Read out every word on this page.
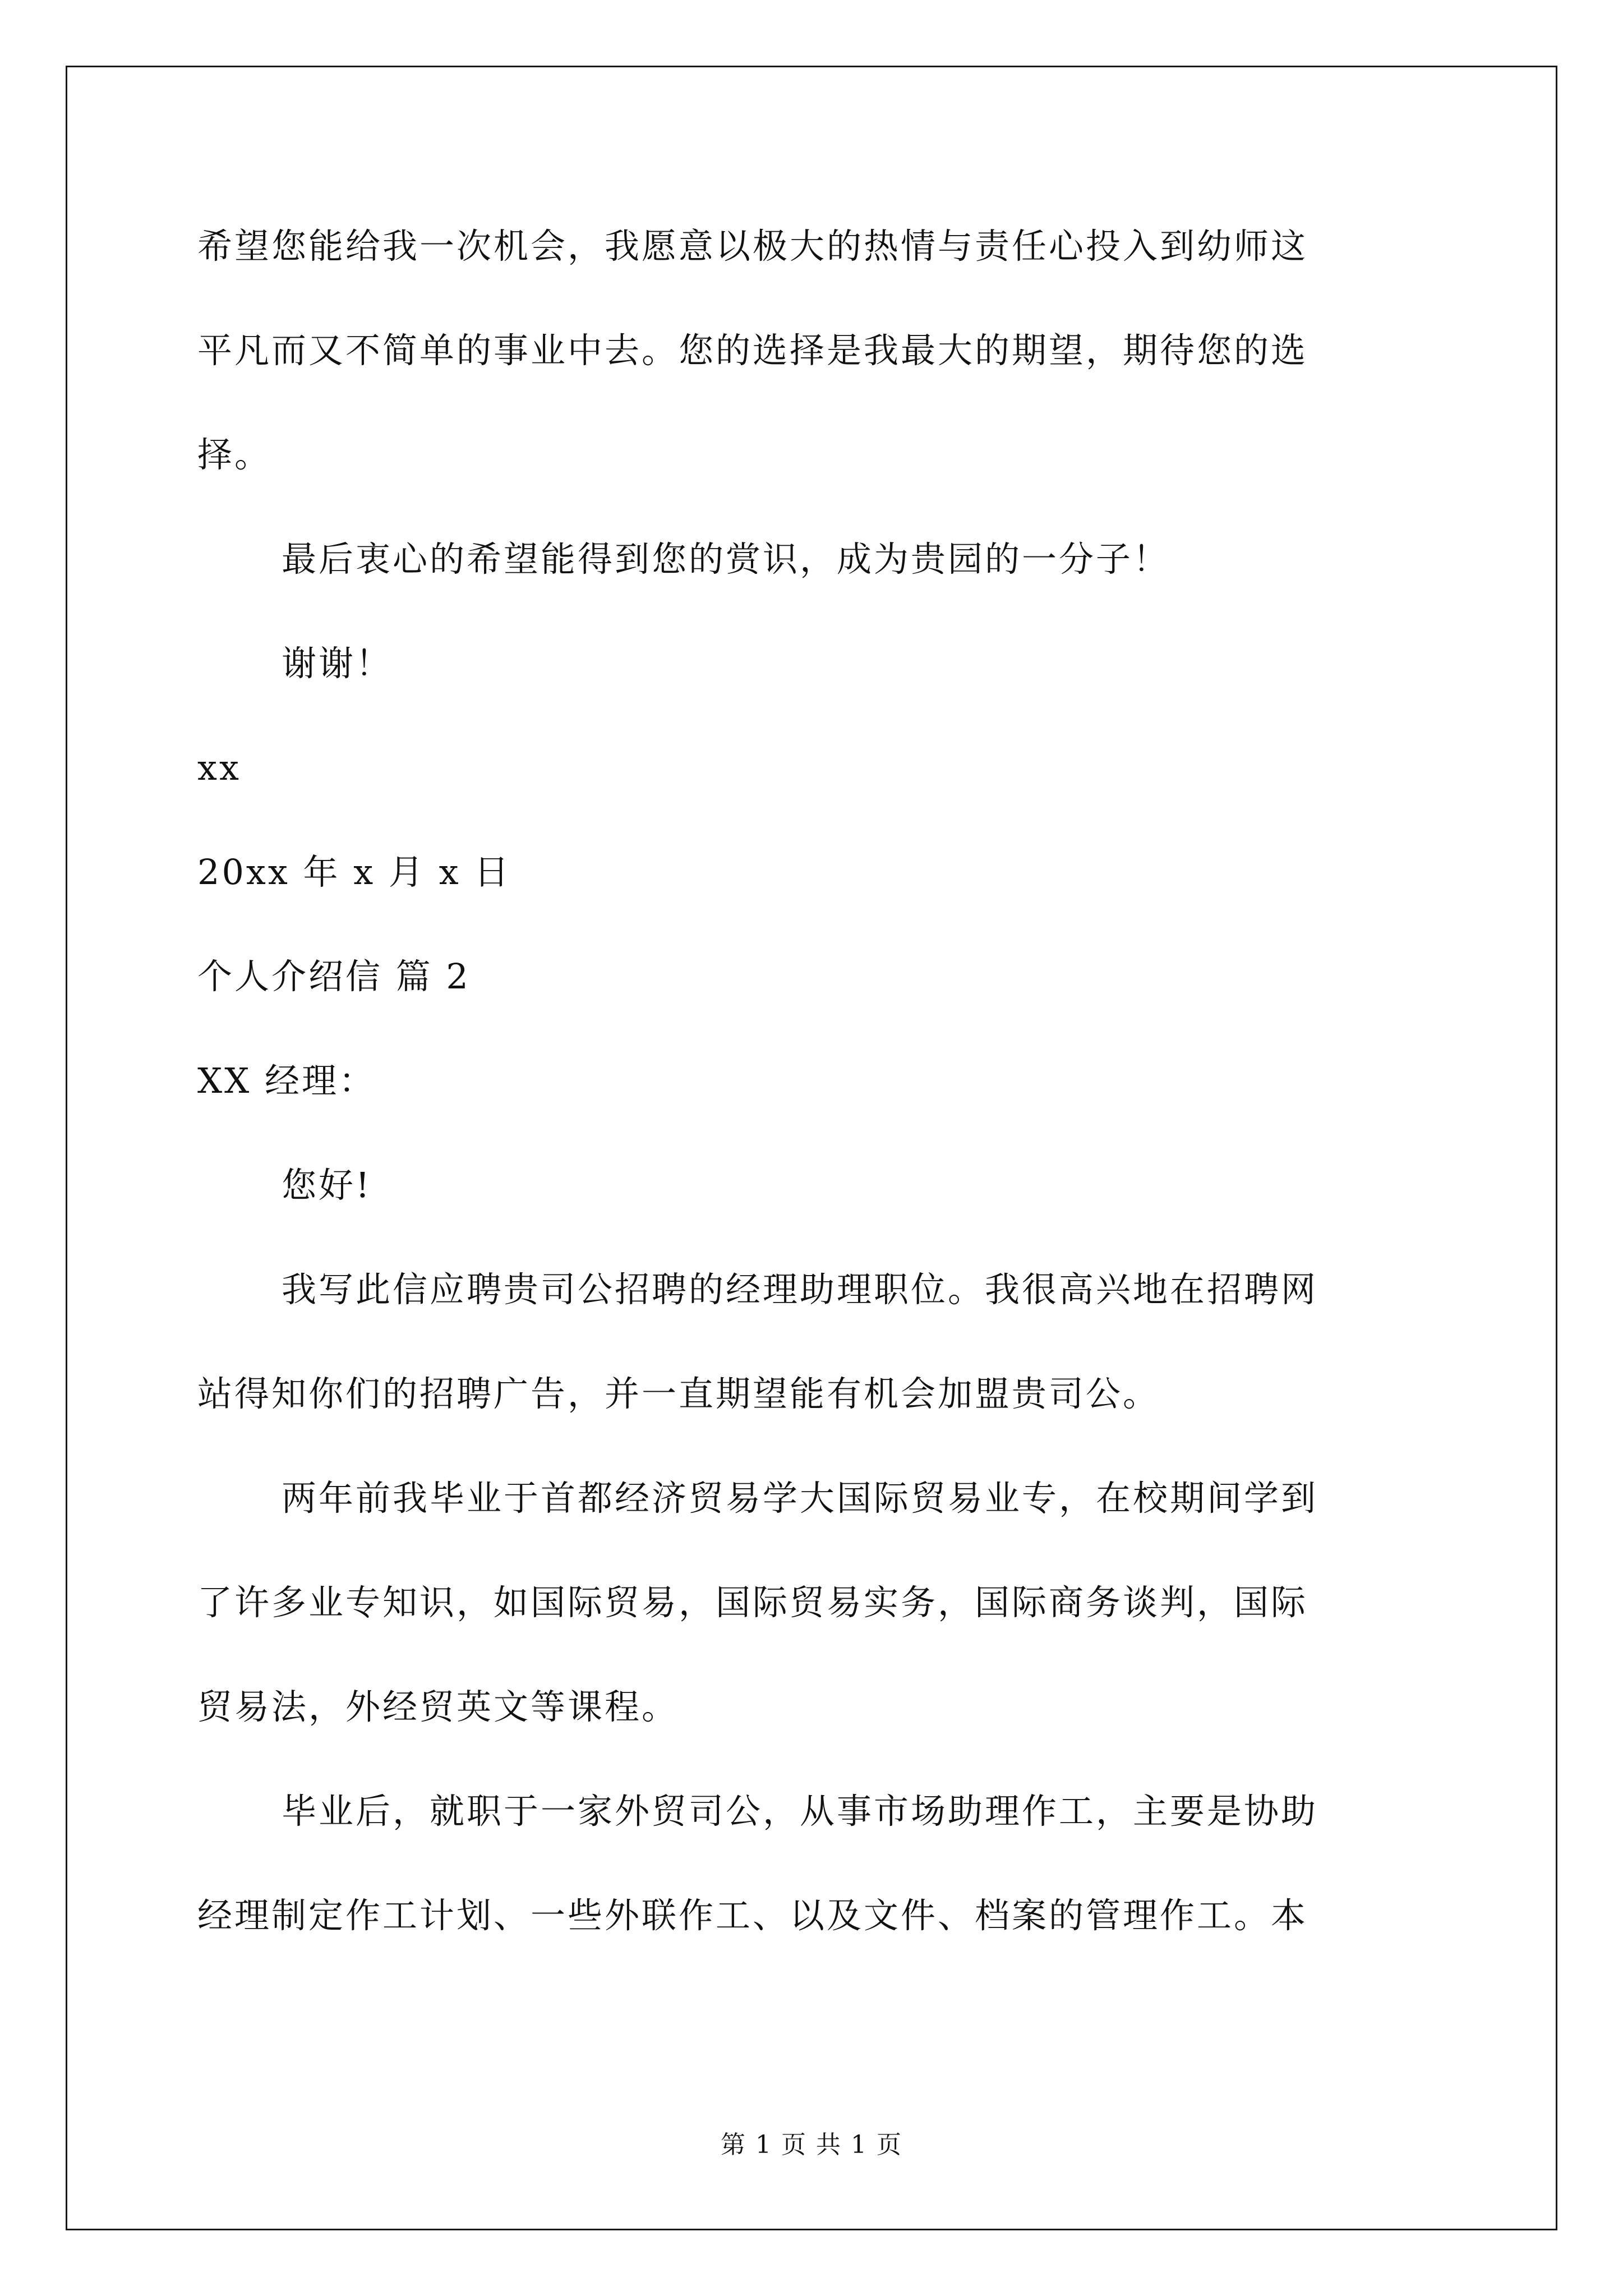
希望您能给我一次机会，我愿意以极大的热情与责任心投入到幼师这
平凡而又不简单的事业中去。您的选择是我最大的期望，期待您的选
择。
最后衷心的希望能得到您的赏识，成为贵园的一分子！
谢谢！
xx
20xx 年 x 月 x 日
个人介绍信 篇 2
XX 经理：
您好!
我写此信应聘贵司公招聘的经理助理职位。我很高兴地在招聘网
站得知你们的招聘广告，并一直期望能有机会加盟贵司公。
两年前我毕业于首都经济贸易学大国际贸易业专，在校期间学到
了许多业专知识，如国际贸易，国际贸易实务，国际商务谈判，国际
贸易法，外经贸英文等课程。
毕业后，就职于一家外贸司公，从事市场助理作工，主要是协助
经理制定作工计划、一些外联作工、以及文件、档案的管理作工。本
第 1 页 共 1 页
